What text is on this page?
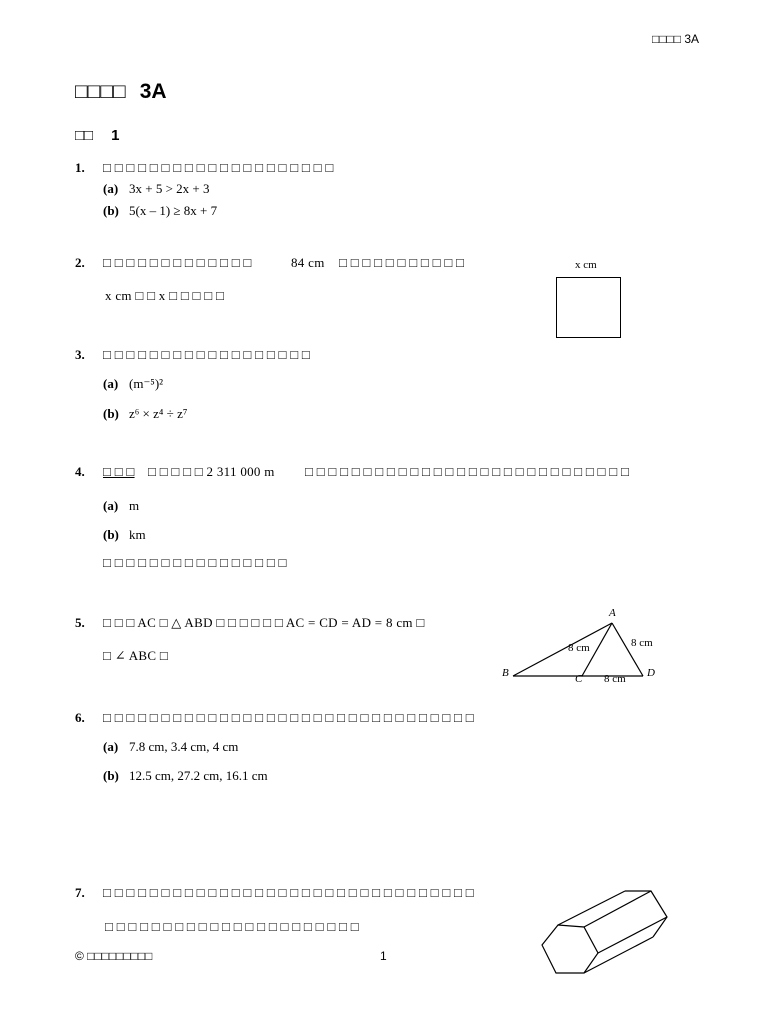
□□□□ 3A
□□□□ 3A
□□ 1
1. □ □ □ □ □ □ □ □ □ □ □ □ □ □ □ □ □ □ □ □
(a) 3x + 5 > 2x + 3
(b) 5(x – 1) ≥ 8x + 7
2. □ □ □ □ □ □ □ □ □ □ □ □ □	84 cm □ □ □ □ □ □ □ □ □ □ □
x cm □ □ x □ □ □ □ □
x cm
3. □ □ □ □ □ □ □ □ □ □ □ □ □ □ □ □ □ □
(a) (m⁻⁵)²
(b) z⁶ × z⁴ ÷ z⁷
4. □ □ □ □ □ □ □ □ 2 311 000 m □ □ □ □ □ □ □ □ □ □ □ □ □ □ □ □ □ □ □ □ □ □ □ □ □ □ □ □
(a) m
(b) km
□ □ □ □ □ □ □ □ □ □ □ □ □ □ □ □
5. □ □ □ AC □ △ ABD □ □ □ □ □ □ AC = CD = AD = 8 cm □
□ ∠ ABC □
A
B	C	D
8 cm	8 cm
8 cm
6. □ □ □ □ □ □ □ □ □ □ □ □ □ □ □ □ □ □ □ □ □ □ □ □ □ □ □ □ □ □ □ □
(a) 7.8 cm, 3.4 cm, 4 cm
(b) 12.5 cm, 27.2 cm, 16.1 cm
7. □ □ □ □ □ □ □ □ □ □ □ □ □ □ □ □ □ □ □ □ □ □ □ □ □ □ □ □ □ □ □ □
□ □ □ □ □ □ □ □ □ □ □ □ □ □ □ □ □ □ □ □ □ □
© □□□□□□□□□	1
